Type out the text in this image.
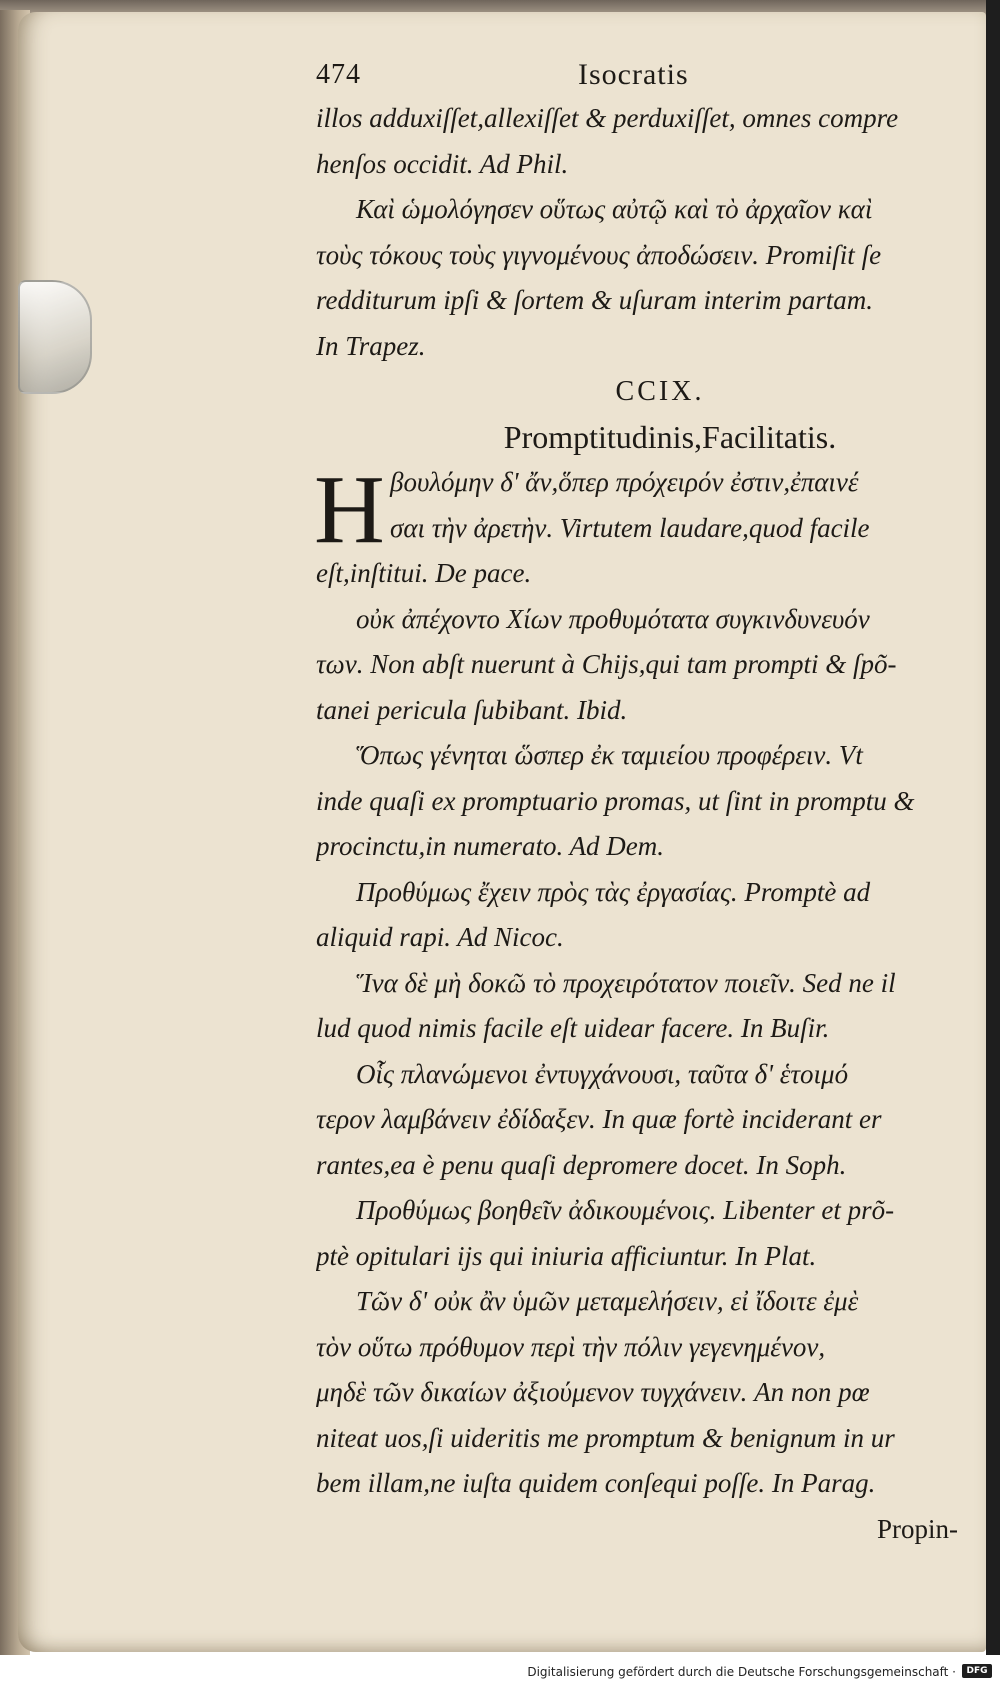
474	Isocratis
illos adduxiſſet,allexiſſet & perduxiſſet, omnes compre
henſos occidit. Ad Phil.
Καὶ ὡμολόγησεν οὕτως αὐτῷ καὶ τὸ ἀρχαῖον καὶ
τοὺς τόκους τοὺς γιγνομένους ἀποδώσειν. Promiſit ſe
redditurum ipſi & ſortem & uſuram interim partam.
In Trapez.
CCIX.
Promptitudinis,Facilitatis.
H βουλόμην δ' ἄν,ὅπερ πρόχειρόν ἐστιν,ἐπαινέ
σαι τὴν ἀρετὴν. Virtutem laudare,quod facile
eſt,inſtitui. De pace.
οὐκ ἀπέχοντο Χίων προθυμότατα συγκινδυνευόν
των. Non abſt nuerunt à Chijs,qui tam prompti & ſpõ-
tanei pericula ſubibant. Ibid.
Ὅπως γένηται ὥσπερ ἐκ ταμιείου προφέρειν. Vt
inde quaſi ex promptuario promas, ut ſint in promptu &
procinctu,in numerato. Ad Dem.
Προθύμως ἔχειν πρὸς τὰς ἐργασίας. Promptè ad
aliquid rapi. Ad Nicoc.
Ἵνα δὲ μὴ δοκῶ τὸ προχειρότατον ποιεῖν. Sed ne il
lud quod nimis facile eſt uidear facere. In Buſir.
Οἷς πλανώμενοι ἐντυγχάνουσι, ταῦτα δ' ἑτοιμό
τερον λαμβάνειν ἐδίδαξεν. In quæ fortè inciderant er
rantes,ea è penu quaſi depromere docet. In Soph.
Προθύμως βοηθεῖν ἀδικουμένοις. Libenter et prõ-
ptè opitulari ijs qui iniuria afficiuntur. In Plat.
Τῶν δ' οὐκ ἂν ὑμῶν μεταμελήσειν, εἰ ἴδοιτε ἐμὲ
τὸν οὕτω πρόθυμον περὶ τὴν πόλιν γεγενημένον,
μηδὲ τῶν δικαίων ἀξιούμενον τυγχάνειν. An non pœ
niteat uos,ſi uideritis me promptum & benignum in ur
bem illam,ne iuſta quidem conſequi poſſe. In Parag.
Propin-
Digitalisierung gefördert durch die Deutsche Forschungsgemeinschaft ·	DFG
